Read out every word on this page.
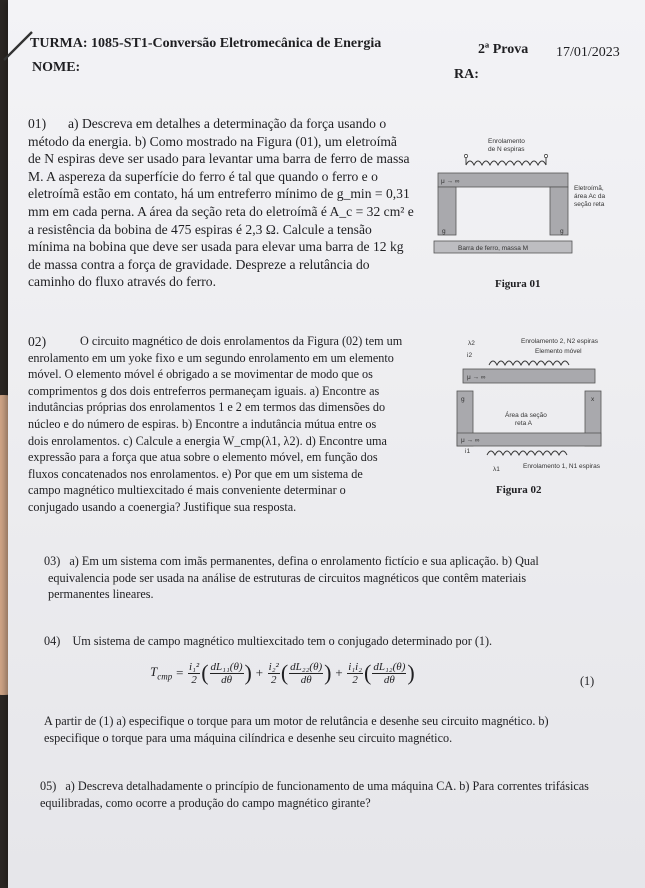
TURMA: 1085-ST1-Conversão Eletromecânica de Energia	2ª Prova 17/01/2023
NOME:	RA:
01)	a) Descreva em detalhes a determinação da força usando o
método da energia. b) Como mostrado na Figura (01), um eletroímã
de N espiras deve ser usado para levantar uma barra de ferro de massa
M. A aspereza da superfície do ferro é tal que quando o ferro e o
eletroímã estão em contato, há um entreferro mínimo de g_min = 0,31
mm em cada perna. A área da seção reta do eletroímã é A_c = 32 cm² e
a resistência da bobina de 475 espiras é 2,3 Ω. Calcule a tensão
mínima na bobina que deve ser usada para elevar uma barra de 12 kg
de massa contra a força de gravidade. Despreze a relutância do
caminho do fluxo através do ferro.
Enrolamento
de N espiras
μ → ∞
g	g
Barra de ferro, massa M
Eletroímã,
área Ac da
seção reta
Figura 01
02)	O circuito magnético de dois enrolamentos da Figura (02) tem um
enrolamento em um yoke fixo e um segundo enrolamento em um elemento
móvel. O elemento móvel é obrigado a se movimentar de modo que os
comprimentos g dos dois entreferros permaneçam iguais. a) Encontre as
indutâncias próprias dos enrolamentos 1 e 2 em termos das dimensões do
núcleo e do número de espiras. b) Encontre a indutância mútua entre os
dois enrolamentos. c) Calcule a energia W_cmp(λ1, λ2). d) Encontre uma
expressão para a força que atua sobre o elemento móvel, em função dos
fluxos concatenados nos enrolamentos. e) Por que em um sistema de
campo magnético multiexcitado é mais conveniente determinar o
conjugado usando a coenergia? Justifique sua resposta.
λ2	Enrolamento 2, N2 espiras
Elemento móvel
i2
μ → ∞
g	x
Área da seção
reta A
μ → ∞
i1
λ1	Enrolamento 1, N1 espiras
Figura 02
03) a) Em um sistema com imãs permanentes, defina o enrolamento fictício e sua aplicação. b) Qual
equivalencia pode ser usada na análise de estruturas de circuitos magnéticos que contêm materiais
permanentes lineares.
04) Um sistema de campo magnético multiexcitado tem o conjugado determinado por (1).
$T_{cmp} = \frac{\text{i₁²}}{2}$ ( $\frac{\text{dL₁₁(θ)}}{d\theta}$ ) + $\frac{\text{i₂²}}{2}$ ( $\frac{\text{dL₂₂(θ)}}{d\theta}$ ) + $\frac{\text{i₁i₂}}{2}$ ( $\frac{\text{dL₁₂(θ)}}{d\theta}$ )	(1)
A partir de (1) a) especifique o torque para um motor de relutância e desenhe seu circuito magnético. b)
especifique o torque para uma máquina cilíndrica e desenhe seu circuito magnético.
05) a) Descreva detalhadamente o princípio de funcionamento de uma máquina CA. b) Para correntes trifásicas
equilibradas, como ocorre a produção do campo magnético girante?
